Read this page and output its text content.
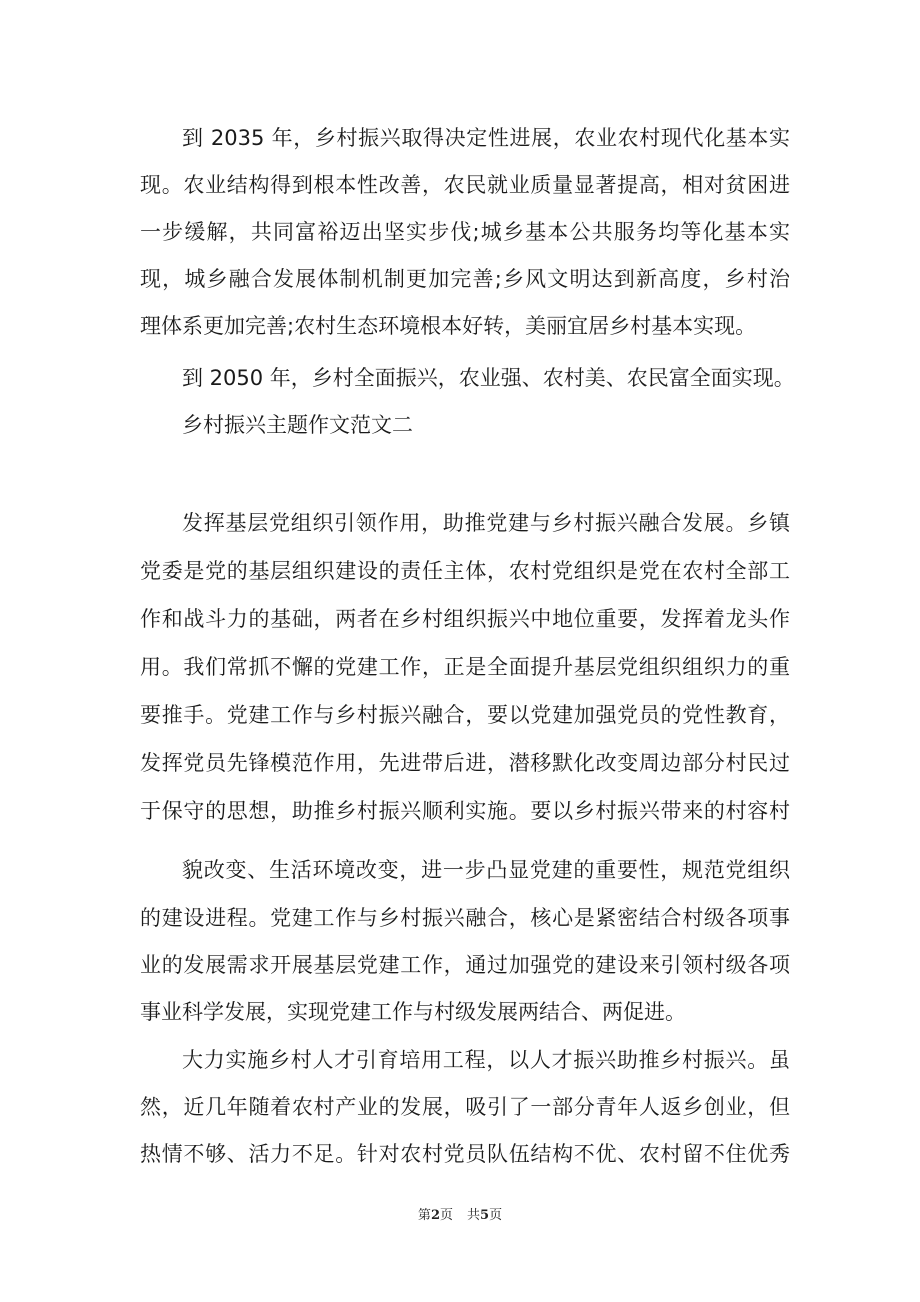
到 2035 年，乡村振兴取得决定性进展，农业农村现代化基本实
现。农业结构得到根本性改善，农民就业质量显著提高，相对贫困进
一步缓解，共同富裕迈出坚实步伐;城乡基本公共服务均等化基本实
现，城乡融合发展体制机制更加完善;乡风文明达到新高度，乡村治
理体系更加完善;农村生态环境根本好转，美丽宜居乡村基本实现。
到 2050 年，乡村全面振兴，农业强、农村美、农民富全面实现。
乡村振兴主题作文范文二
发挥基层党组织引领作用，助推党建与乡村振兴融合发展。乡镇
党委是党的基层组织建设的责任主体，农村党组织是党在农村全部工
作和战斗力的基础，两者在乡村组织振兴中地位重要，发挥着龙头作
用。我们常抓不懈的党建工作，正是全面提升基层党组织组织力的重
要推手。党建工作与乡村振兴融合，要以党建加强党员的党性教育，
发挥党员先锋模范作用，先进带后进，潜移默化改变周边部分村民过
于保守的思想，助推乡村振兴顺利实施。要以乡村振兴带来的村容村
貌改变、生活环境改变，进一步凸显党建的重要性，规范党组织
的建设进程。党建工作与乡村振兴融合，核心是紧密结合村级各项事
业的发展需求开展基层党建工作，通过加强党的建设来引领村级各项
事业科学发展，实现党建工作与村级发展两结合、两促进。
大力实施乡村人才引育培用工程，以人才振兴助推乡村振兴。虽
然，近几年随着农村产业的发展，吸引了一部分青年人返乡创业，但
热情不够、活力不足。针对农村党员队伍结构不优、农村留不住优秀
第2页 共5页
